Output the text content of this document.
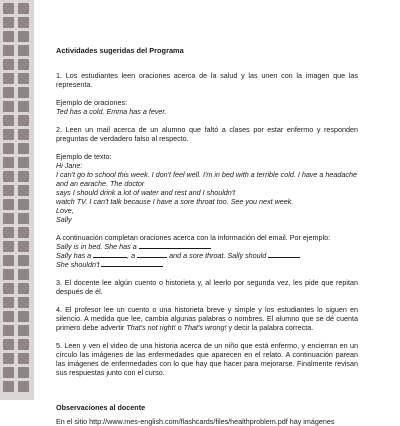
Actividades sugeridas del Programa

1. Los estudiantes leen oraciones acerca de la salud y las unen con la imagen que las representa.

Ejemplo de oraciones:

Ted has a cold. Emma has a fever.

2. Leen un mail acerca de un alumno que faltó a clases por estar enfermo y responden preguntas de verdadero falso al respecto.

Ejemplo de texto:

Hi Jane:
I can't go to school this week. I don't feel well. I'm in bed with a terrible cold. I have a headache and an earache. The doctor
says I should drink a lot of water and rest and I shouldn't
watch TV. I can't talk because I have a sore throat too. See you next week.
Love,
Sally

A continuación completan oraciones acerca con la información del email. Por ejemplo:

Sally is in bed. She has a

Sally has a	, a	and a sore throat. Sally should

She shouldn't

3. El docente lee algún cuento o historieta y, al leerlo por segunda vez, les pide que repitan después de él.

4. El profesor lee un cuento o una historieta breve y simple y los estudiantes lo siguen en silencio. A medida que lee, cambia algunas palabras o nombres. El alumno que se dé cuenta primero debe advertir That's not right! o That's wrong! y decir la palabra correcta.

5. Leen y ven el video de una historia acerca de un niño que está enfermo, y encierran en un círculo las imágenes de las enfermedades que aparecen en el relato. A continuación parean las imágenes de enfermedades con lo que hay que hacer para mejorarse. Finalmente revisan sus respuestas junto con el curso.

Observaciones al docente

En el sitio http://www.mes-english.com/flashcards/files/healthproblem.pdf hay imágenes
